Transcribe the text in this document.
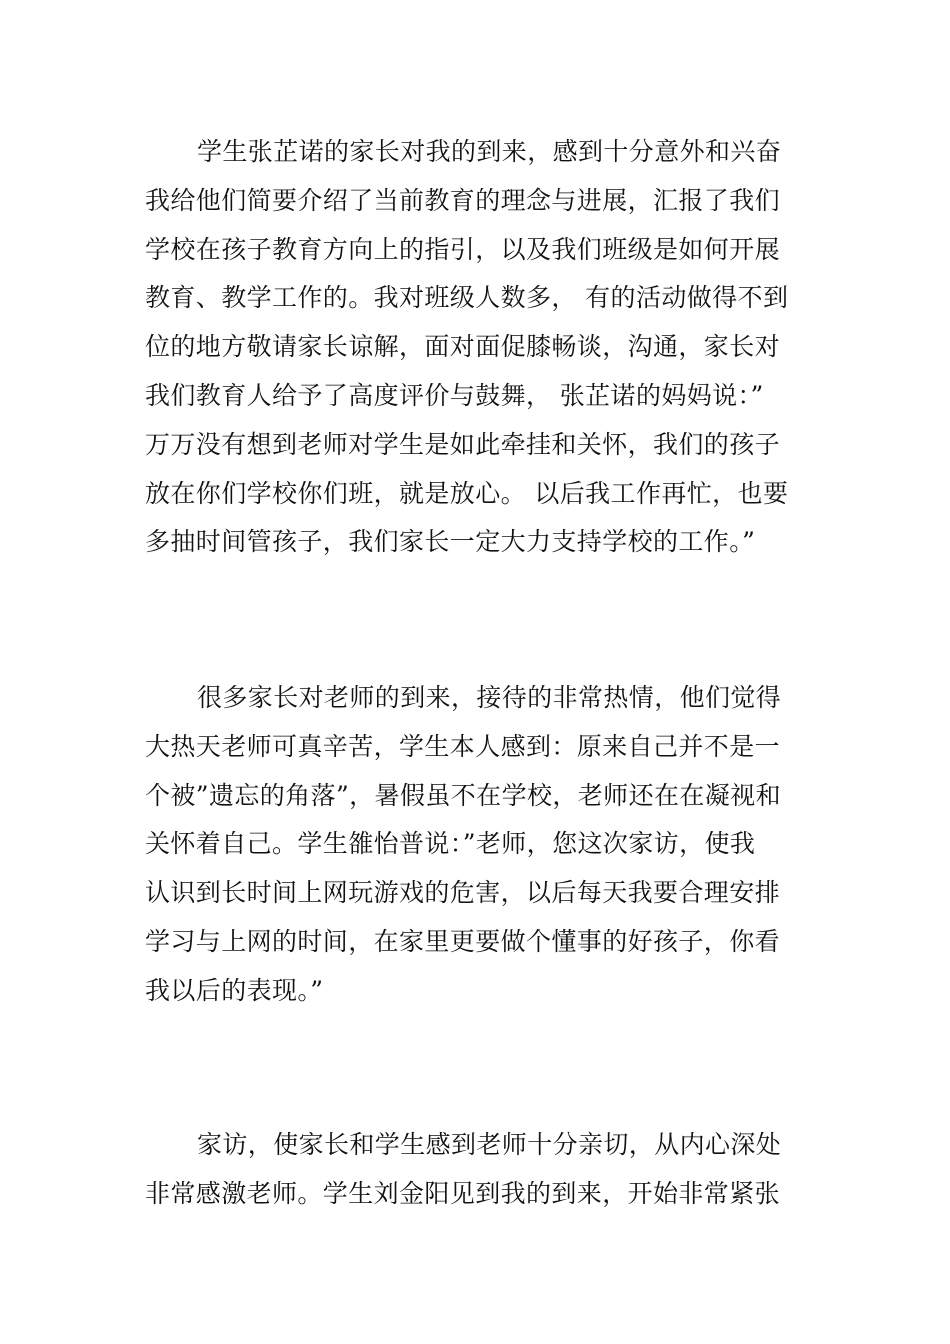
学生张芷诺的家长对我的到来，感到十分意外和兴奋
我给他们简要介绍了当前教育的理念与进展，汇报了我们
学校在孩子教育方向上的指引，以及我们班级是如何开展
教育、教学工作的。我对班级人数多， 有的活动做得不到
位的地方敬请家长谅解，面对面促膝畅谈，沟通，家长对
我们教育人给予了高度评价与鼓舞， 张芷诺的妈妈说：”
万万没有想到老师对学生是如此牵挂和关怀，我们的孩子
放在你们学校你们班，就是放心。 以后我工作再忙，也要
多抽时间管孩子，我们家长一定大力支持学校的工作。”
很多家长对老师的到来，接待的非常热情，他们觉得
大热天老师可真辛苦，学生本人感到：原来自己并不是一
个被”遗忘的角落”，暑假虽不在学校，老师还在在凝视和
关怀着自己。学生雒怡普说：”老师，您这次家访，使我
认识到长时间上网玩游戏的危害，以后每天我要合理安排
学习与上网的时间，在家里更要做个懂事的好孩子，你看
我以后的表现。”
家访，使家长和学生感到老师十分亲切，从内心深处
非常感激老师。学生刘金阳见到我的到来，开始非常紧张
